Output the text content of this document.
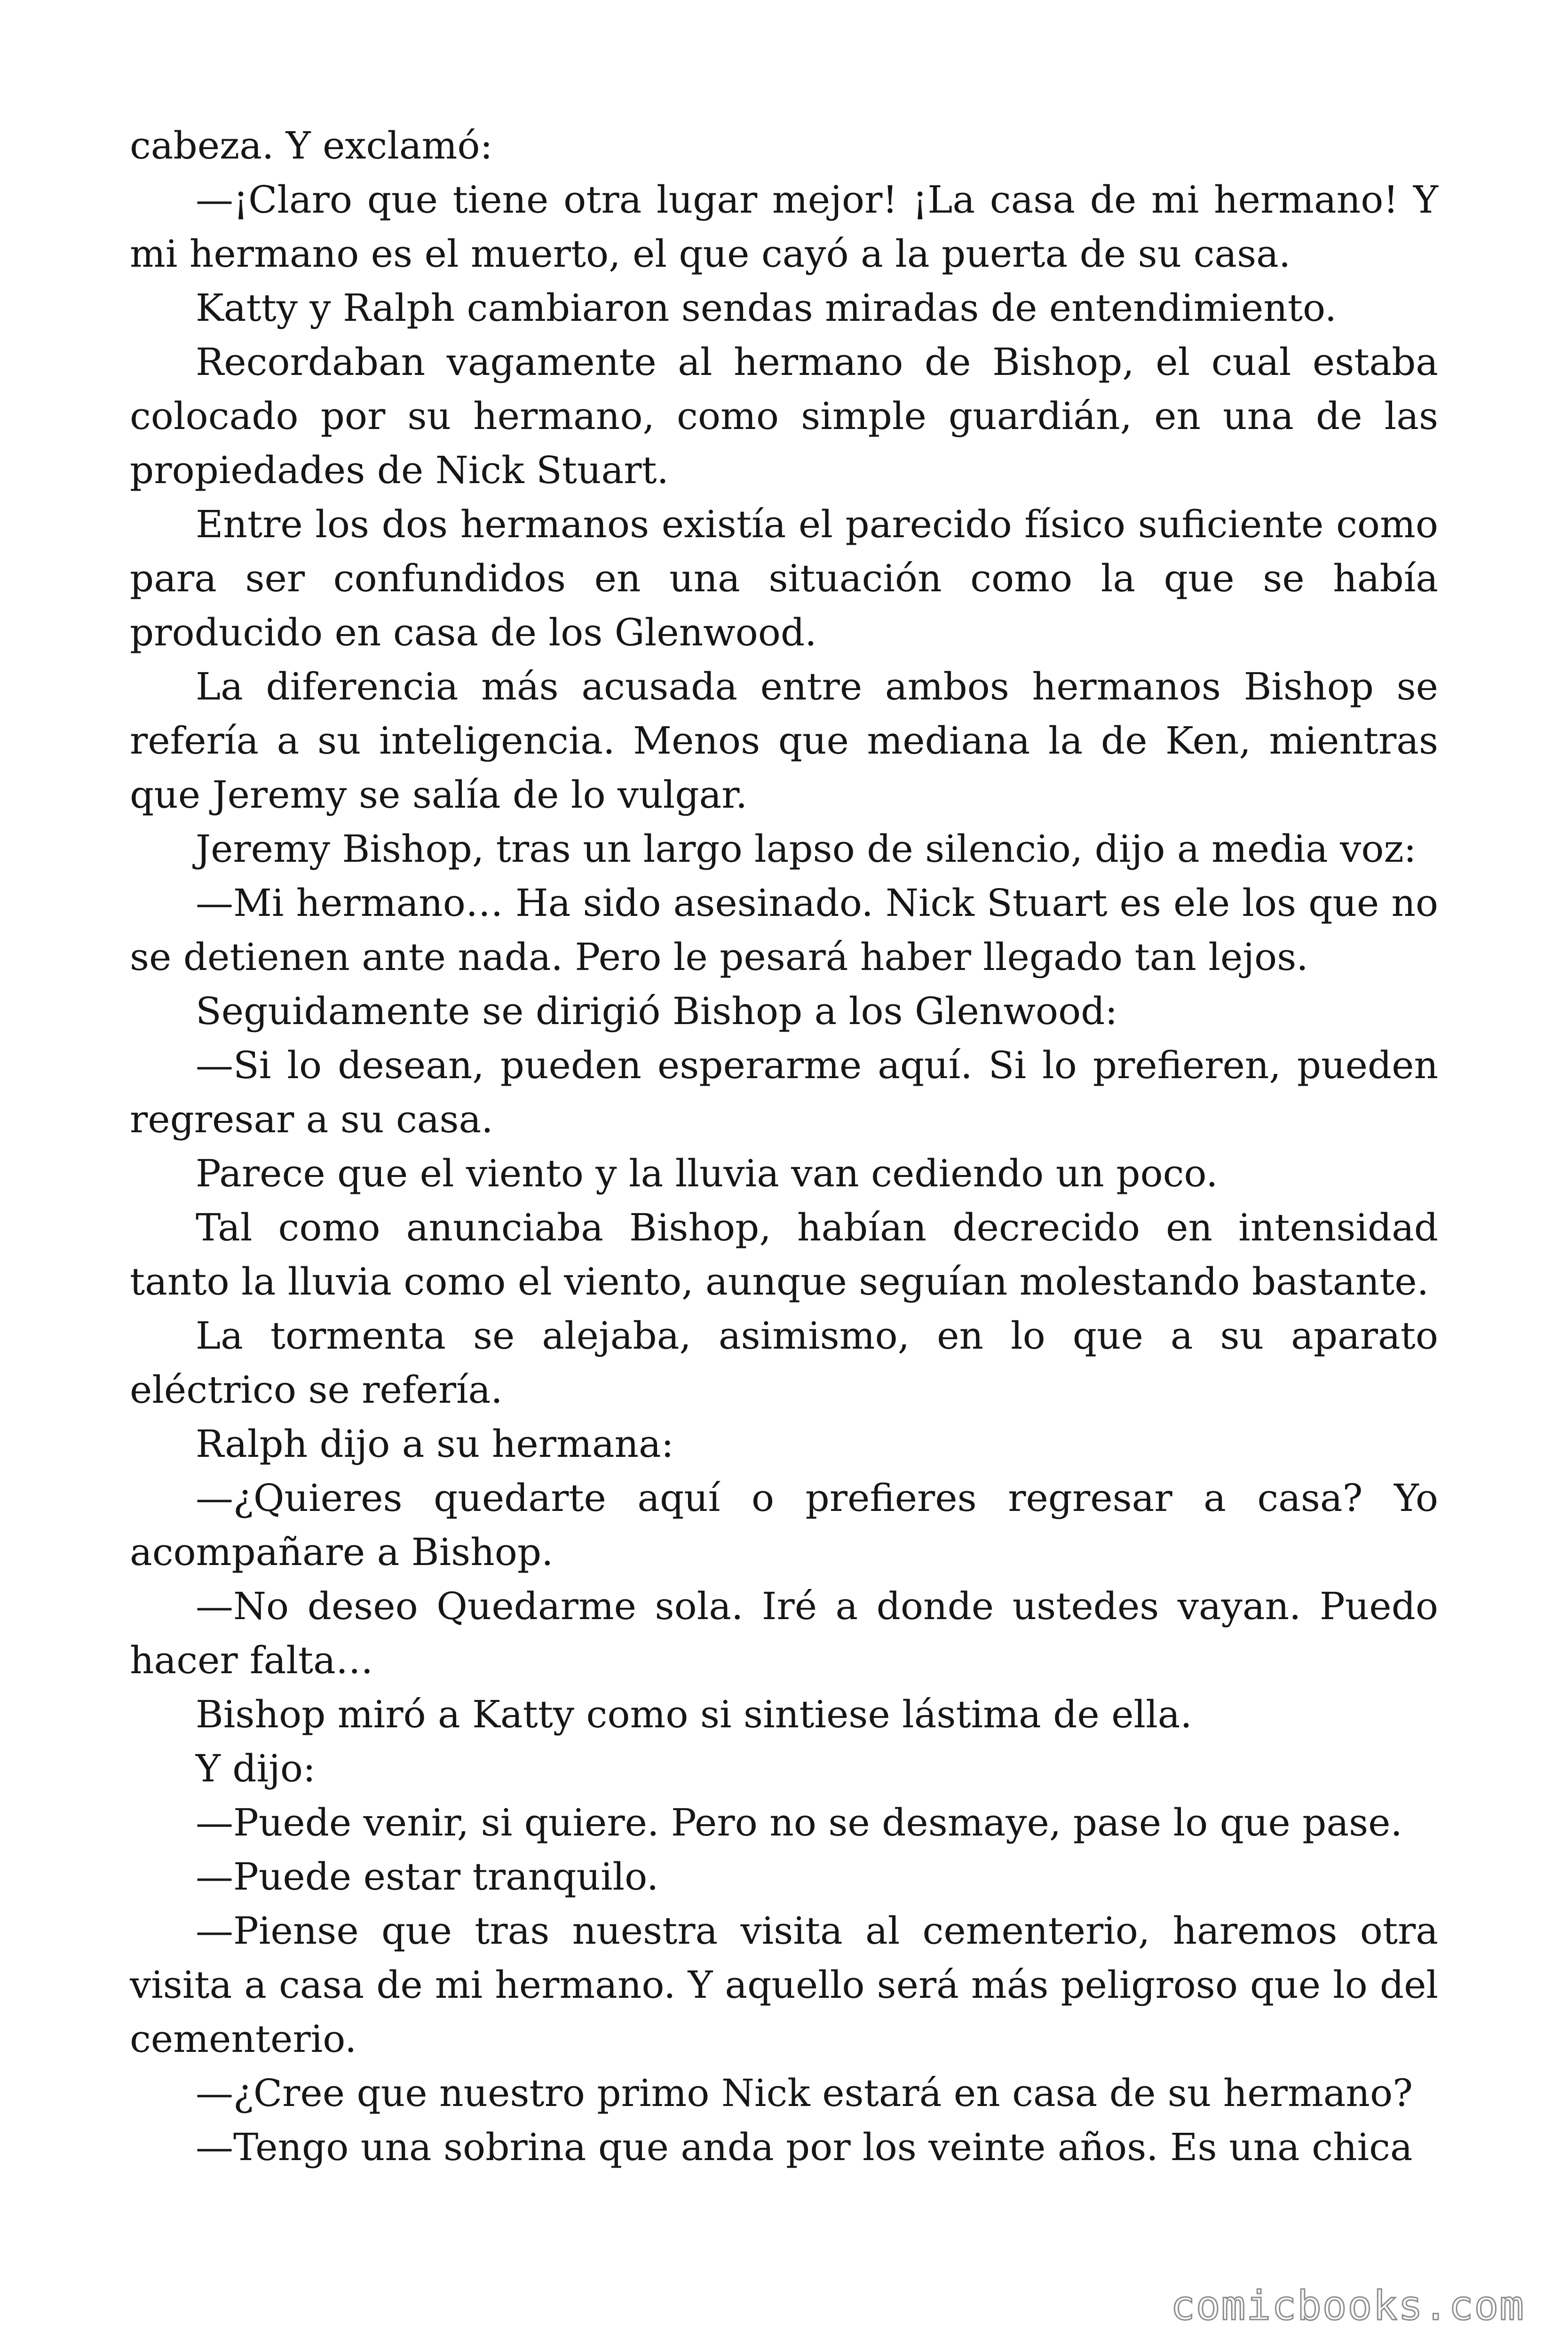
cabeza. Y exclamó:

—¡Claro que tiene otra lugar mejor! ¡La casa de mi hermano! Y mi hermano es el muerto, el que cayó a la puerta de su casa.

Katty y Ralph cambiaron sendas miradas de entendimiento.

Recordaban vagamente al hermano de Bishop, el cual estaba colocado por su hermano, como simple guardián, en una de las propiedades de Nick Stuart.

Entre los dos hermanos existía el parecido físico suficiente como para ser confundidos en una situación como la que se había producido en casa de los Glenwood.

La diferencia más acusada entre ambos hermanos Bishop se refería a su inteligencia. Menos que mediana la de Ken, mientras que Jeremy se salía de lo vulgar.

Jeremy Bishop, tras un largo lapso de silencio, dijo a media voz:

—Mi hermano… Ha sido asesinado. Nick Stuart es ele los que no se detienen ante nada. Pero le pesará haber llegado tan lejos.

Seguidamente se dirigió Bishop a los Glenwood:

—Si lo desean, pueden esperarme aquí. Si lo prefieren, pueden regresar a su casa.

Parece que el viento y la lluvia van cediendo un poco.

Tal como anunciaba Bishop, habían decrecido en intensidad tanto la lluvia como el viento, aunque seguían molestando bastante.

La tormenta se alejaba, asimismo, en lo que a su aparato eléctrico se refería.

Ralph dijo a su hermana:

—¿Quieres quedarte aquí o prefieres regresar a casa? Yo acompañare a Bishop.

—No deseo Quedarme sola. Iré a donde ustedes vayan. Puedo hacer falta…

Bishop miró a Katty como si sintiese lástima de ella.

Y dijo:

—Puede venir, si quiere. Pero no se desmaye, pase lo que pase.

—Puede estar tranquilo.

—Piense que tras nuestra visita al cementerio, haremos otra visita a casa de mi hermano. Y aquello será más peligroso que lo del cementerio.

—¿Cree que nuestro primo Nick estará en casa de su hermano?

—Tengo una sobrina que anda por los veinte años. Es una chica

comicbooks.com
